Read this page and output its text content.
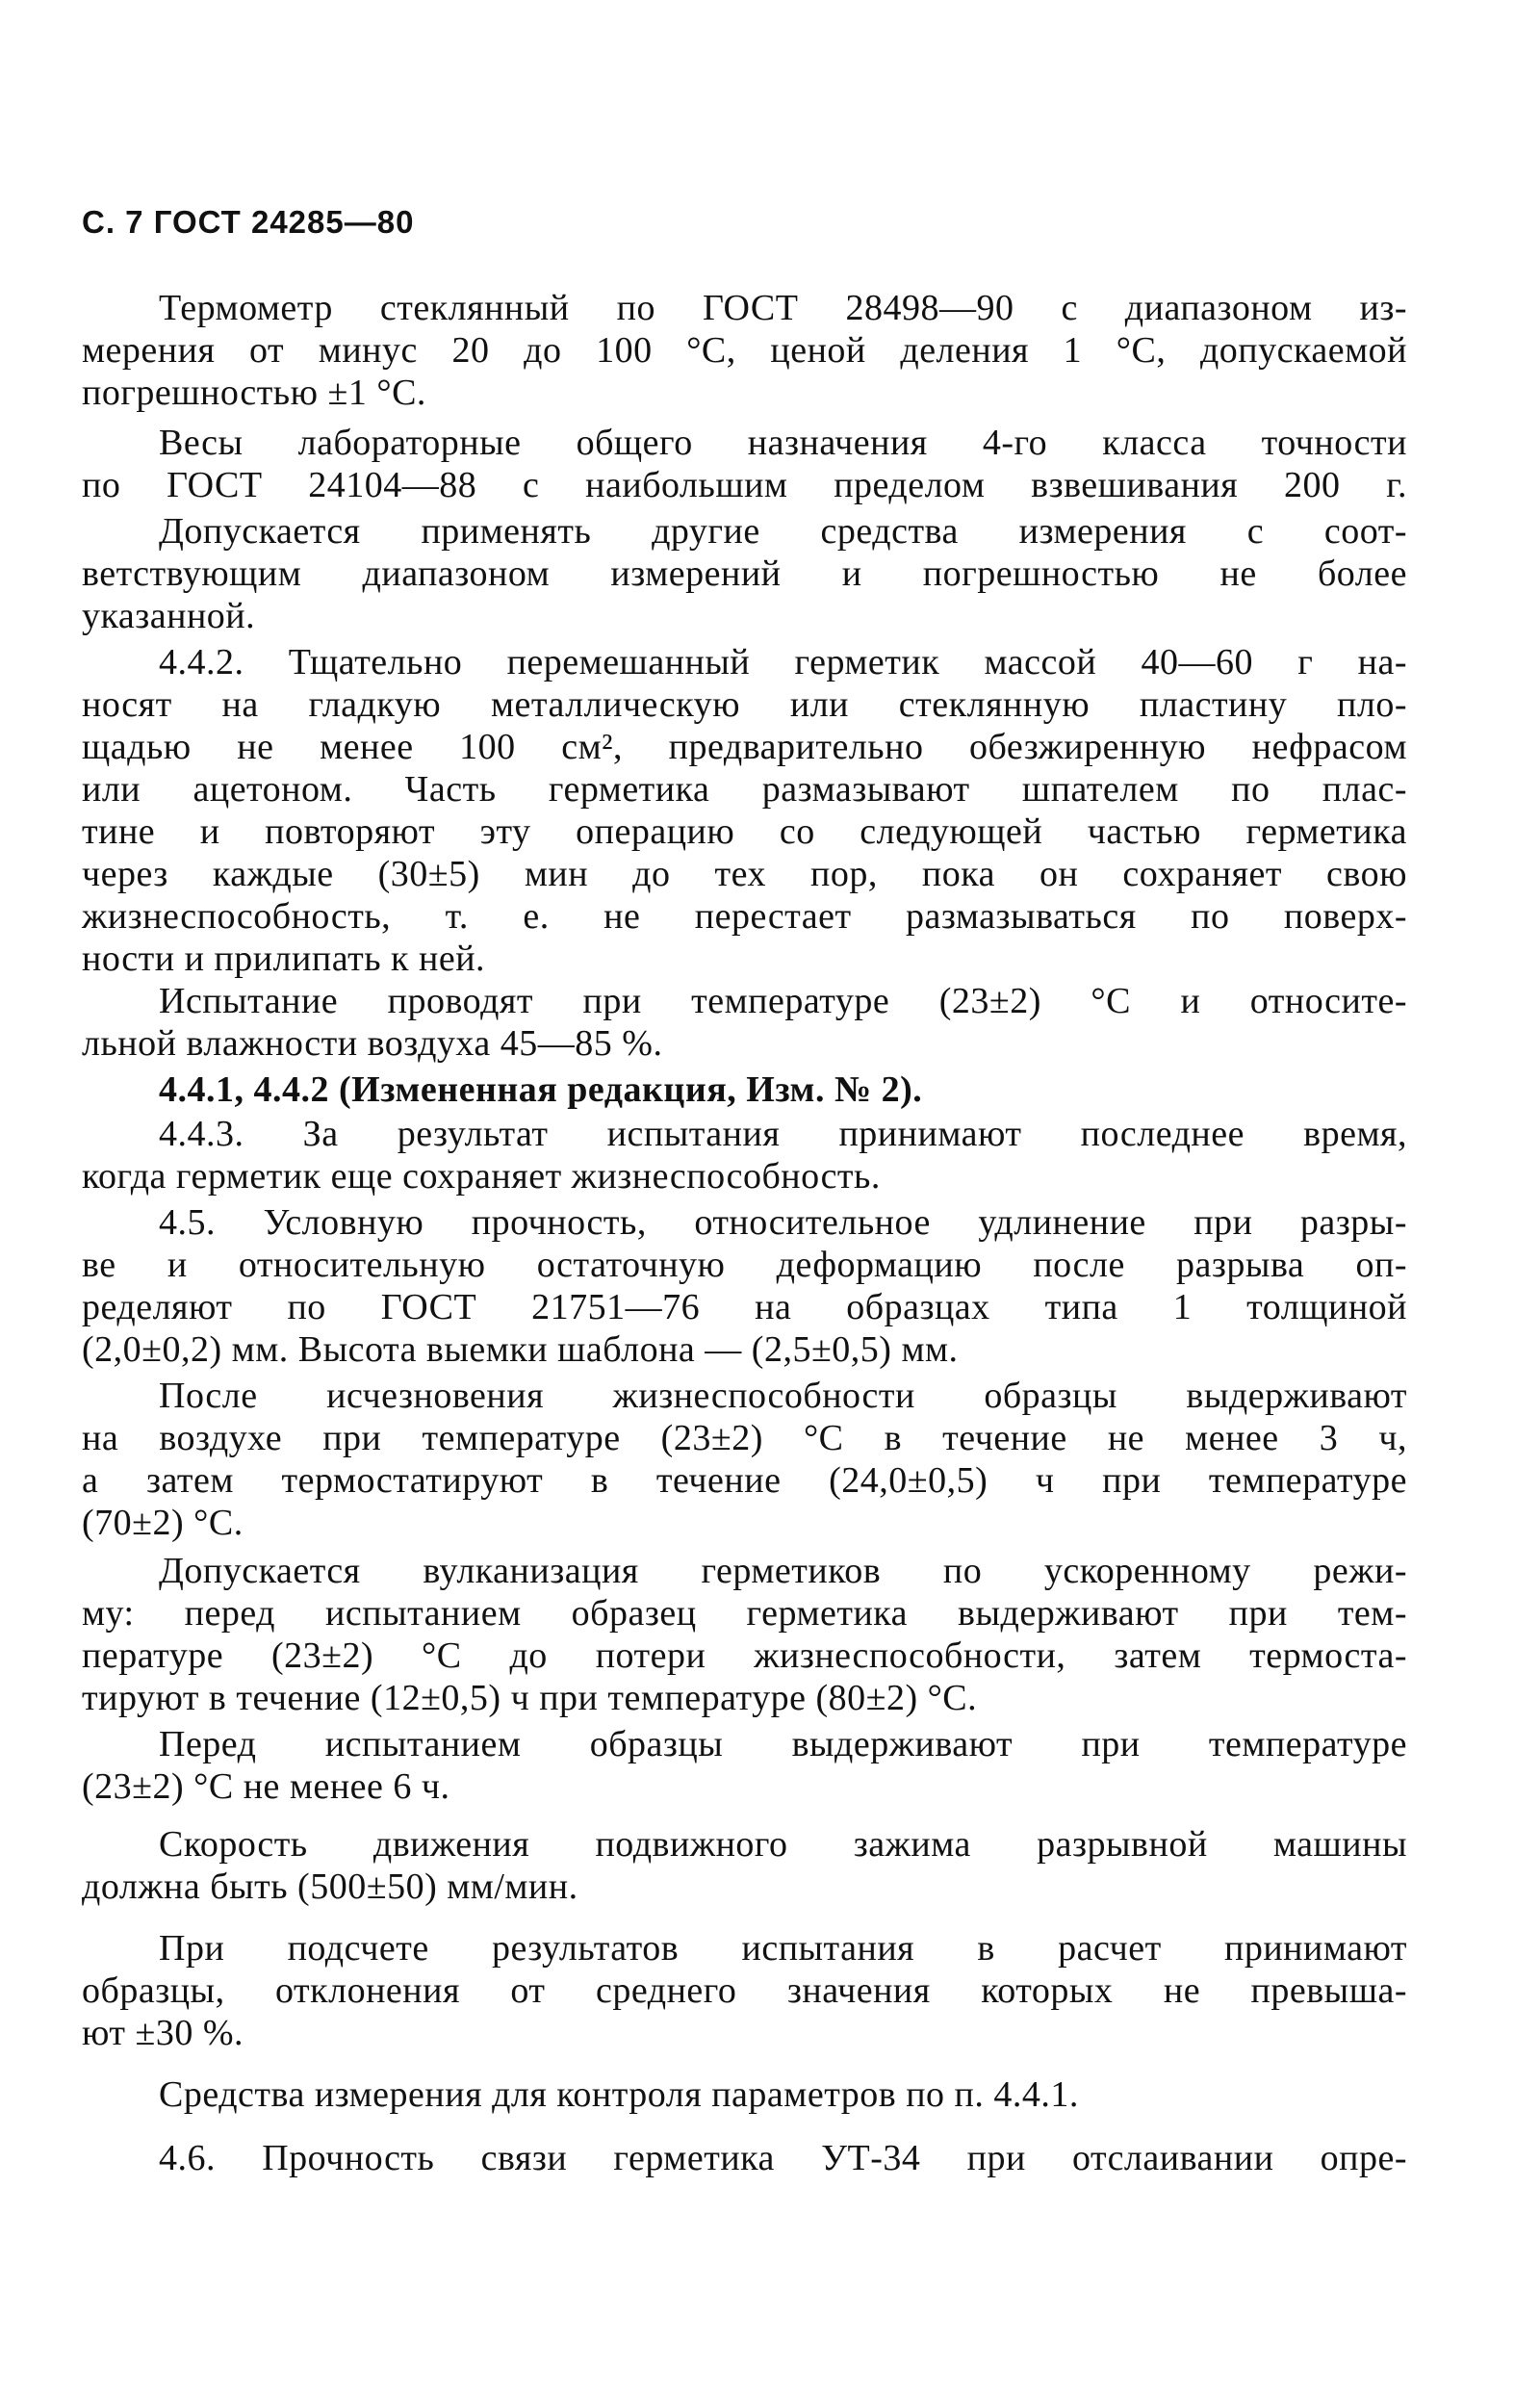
С. 7 ГОСТ 24285—80
Термометр стеклянный по ГОСТ 28498—90 с диапазоном из-
мерения от минус 20 до 100 °С, ценой деления 1 °С, допускаемой
погрешностью ±1 °С.
Весы лабораторные общего назначения 4-го класса точности
по ГОСТ 24104—88 с наибольшим пределом взвешивания 200 г.
Допускается применять другие средства измерения с соот-
ветствующим диапазоном измерений и погрешностью не более
указанной.
4.4.2. Тщательно перемешанный герметик массой 40—60 г на-
носят на гладкую металлическую или стеклянную пластину пло-
щадью не менее 100 см², предварительно обезжиренную нефрасом
или ацетоном. Часть герметика размазывают шпателем по плас-
тине и повторяют эту операцию со следующей частью герметика
через каждые (30±5) мин до тех пор, пока он сохраняет свою
жизнеспособность, т. е. не перестает размазываться по поверх-
ности и прилипать к ней.
Испытание проводят при температуре (23±2) °С и относите-
льной влажности воздуха 45—85 %.
4.4.1, 4.4.2 (Измененная редакция, Изм. № 2).
4.4.3. За результат испытания принимают последнее время,
когда герметик еще сохраняет жизнеспособность.
4.5. Условную прочность, относительное удлинение при разры-
ве и относительную остаточную деформацию после разрыва оп-
ределяют по ГОСТ 21751—76 на образцах типа 1 толщиной
(2,0±0,2) мм. Высота выемки шаблона — (2,5±0,5) мм.
После исчезновения жизнеспособности образцы выдерживают
на воздухе при температуре (23±2) °С в течение не менее 3 ч,
а затем термостатируют в течение (24,0±0,5) ч при температуре
(70±2) °С.
Допускается вулканизация герметиков по ускоренному режи-
му: перед испытанием образец герметика выдерживают при тем-
пературе (23±2) °С до потери жизнеспособности, затем термоста-
тируют в течение (12±0,5) ч при температуре (80±2) °С.
Перед испытанием образцы выдерживают при температуре
(23±2) °С не менее 6 ч.
Скорость движения подвижного зажима разрывной машины
должна быть (500±50) мм/мин.
При подсчете результатов испытания в расчет принимают
образцы, отклонения от среднего значения которых не превыша-
ют ±30 %.
Средства измерения для контроля параметров по п. 4.4.1.
4.6. Прочность связи герметика УТ-34 при отслаивании опре-
